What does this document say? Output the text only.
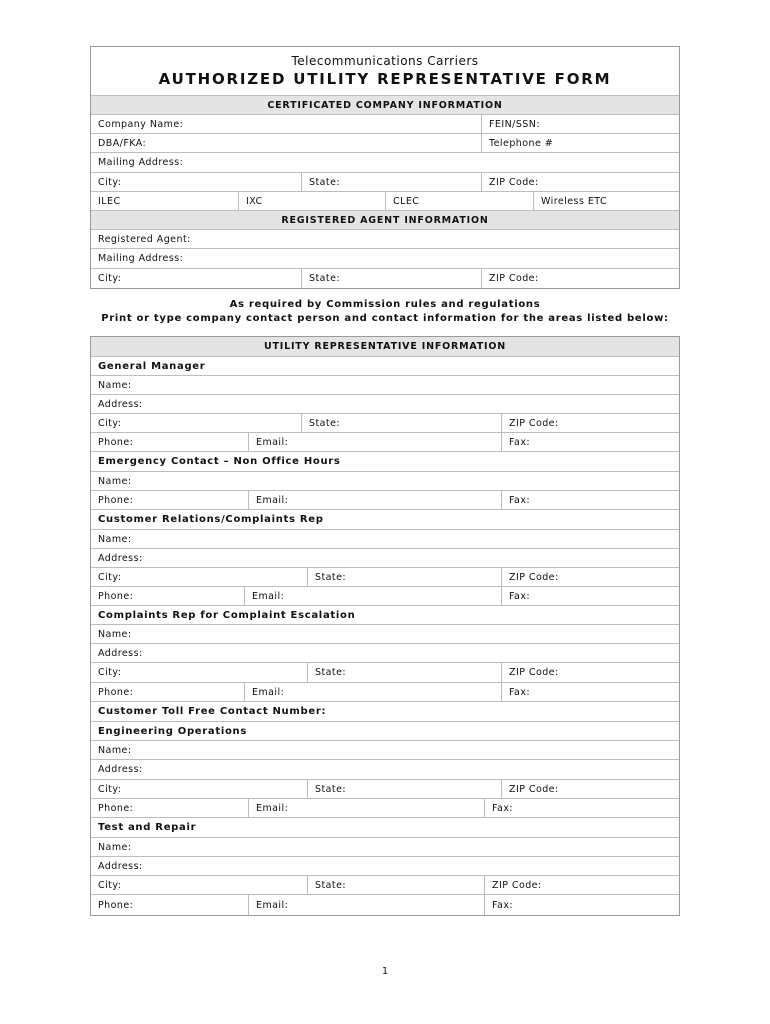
Telecommunications Carriers
AUTHORIZED UTILITY REPRESENTATIVE FORM
CERTIFICATED COMPANY INFORMATION
Company Name:	FEIN/SSN:
DBA/FKA:	Telephone #
Mailing Address:
City:	State:	ZIP Code:
ILEC	IXC	CLEC	Wireless ETC
REGISTERED AGENT INFORMATION
Registered Agent:
Mailing Address:
City:	State:	ZIP Code:
As required by Commission rules and regulations
Print or type company contact person and contact information for the areas listed below:
UTILITY REPRESENTATIVE INFORMATION
General Manager
Name:
Address:
City:	State:	ZIP Code:
Phone:	Email:	Fax:
Emergency Contact – Non Office Hours
Name:
Phone:	Email:	Fax:
Customer Relations/Complaints Rep
Name:
Address:
City:	State:	ZIP Code:
Phone:	Email:	Fax:
Complaints Rep for Complaint Escalation
Name:
Address:
City:	State:	ZIP Code:
Phone:	Email:	Fax:
Customer Toll Free Contact Number:
Engineering Operations
Name:
Address:
City:	State:	ZIP Code:
Phone:	Email:	Fax:
Test and Repair
Name:
Address:
City:	State:	ZIP Code:
Phone:	Email:	Fax:
1
